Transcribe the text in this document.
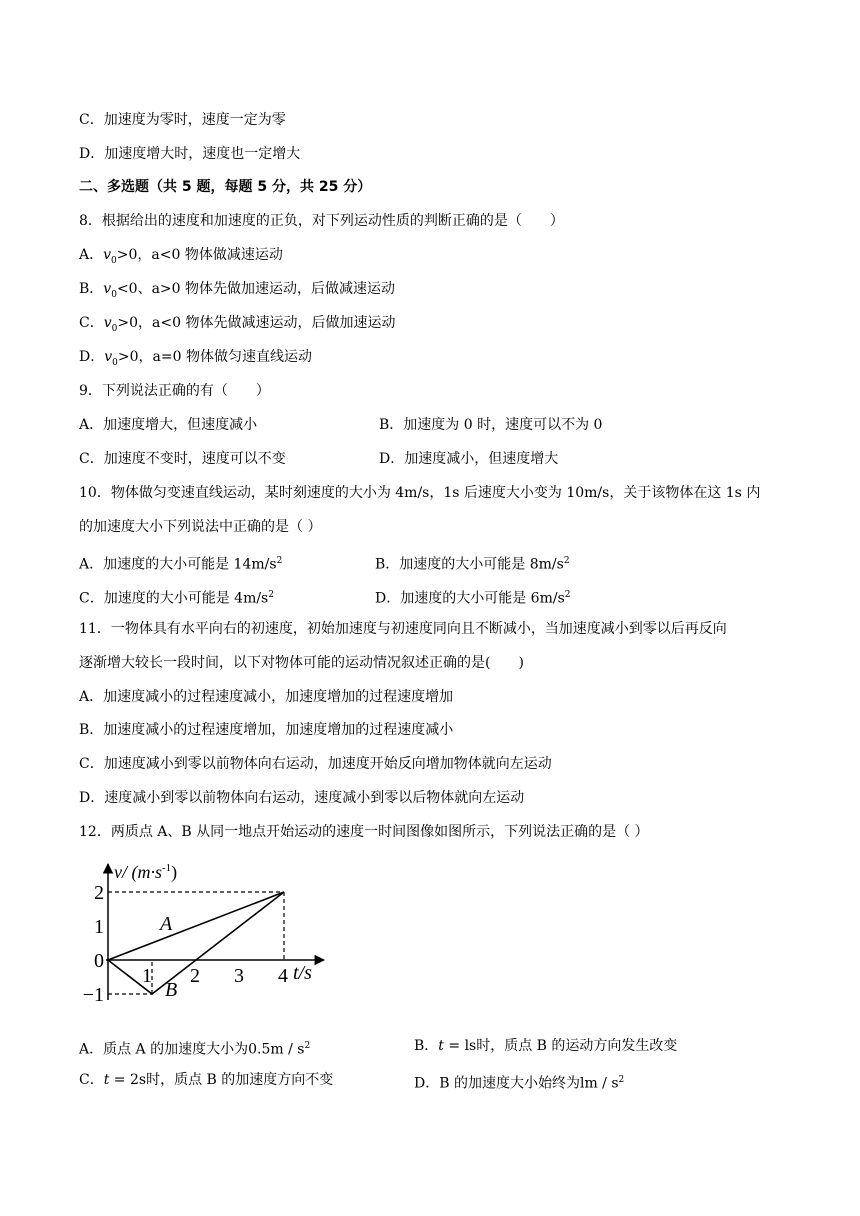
C．加速度为零时，速度一定为零
D．加速度增大时，速度也一定增大
二、多选题（共 5 题，每题 5 分，共 25 分）
8．根据给出的速度和加速度的正负，对下列运动性质的判断正确的是（　　）
A．$v_0>0$，a<0 物体做减速运动
B．$v_0<0$、a>0 物体先做加速运动，后做减速运动
C．$v_0>0$，a<0 物体先做减速运动，后做加速运动
D．$v_0>0$，a=0 物体做匀速直线运动
9．下列说法正确的有（　　）
A．加速度增大，但速度减小	B．加速度为 0 时，速度可以不为 0
C．加速度不变时，速度可以不变	D．加速度减小，但速度增大
10．物体做匀变速直线运动，某时刻速度的大小为 4m/s，1s 后速度大小变为 10m/s，关于该物体在这 1s 内
的加速度大小下列说法中正确的是（ ）
A．加速度的大小可能是 $14m/s^2$	B．加速度的大小可能是 $8m/s^2$
C．加速度的大小可能是 $4m/s^2$	D．加速度的大小可能是 $6m/s^2$
11．一物体具有水平向右的初速度，初始加速度与初速度同向且不断减小，当加速度减小到零以后再反向
逐渐增大较长一段时间，以下对物体可能的运动情况叙述正确的是(　　)
A．加速度减小的过程速度减小，加速度增加的过程速度增加
B．加速度减小的过程速度增加，加速度增加的过程速度减小
C．加速度减小到零以前物体向右运动，加速度开始反向增加物体就向左运动
D．速度减小到零以前物体向右运动，速度减小到零以后物体就向左运动
12．两质点 A、B 从同一地点开始运动的速度一时间图像如图所示，下列说法正确的是（ ）
2
1
0
−1
1 2 3 4
A
B
v/ $(m\cdot s^{-1})$
t/s
A．质点 A 的加速度大小为$0.5m / s^2$	B．t = ls时，质点 B 的运动方向发生改变
C．t = 2s时，质点 B 的加速度方向不变	D．B 的加速度大小始终为lm / $s^2$
